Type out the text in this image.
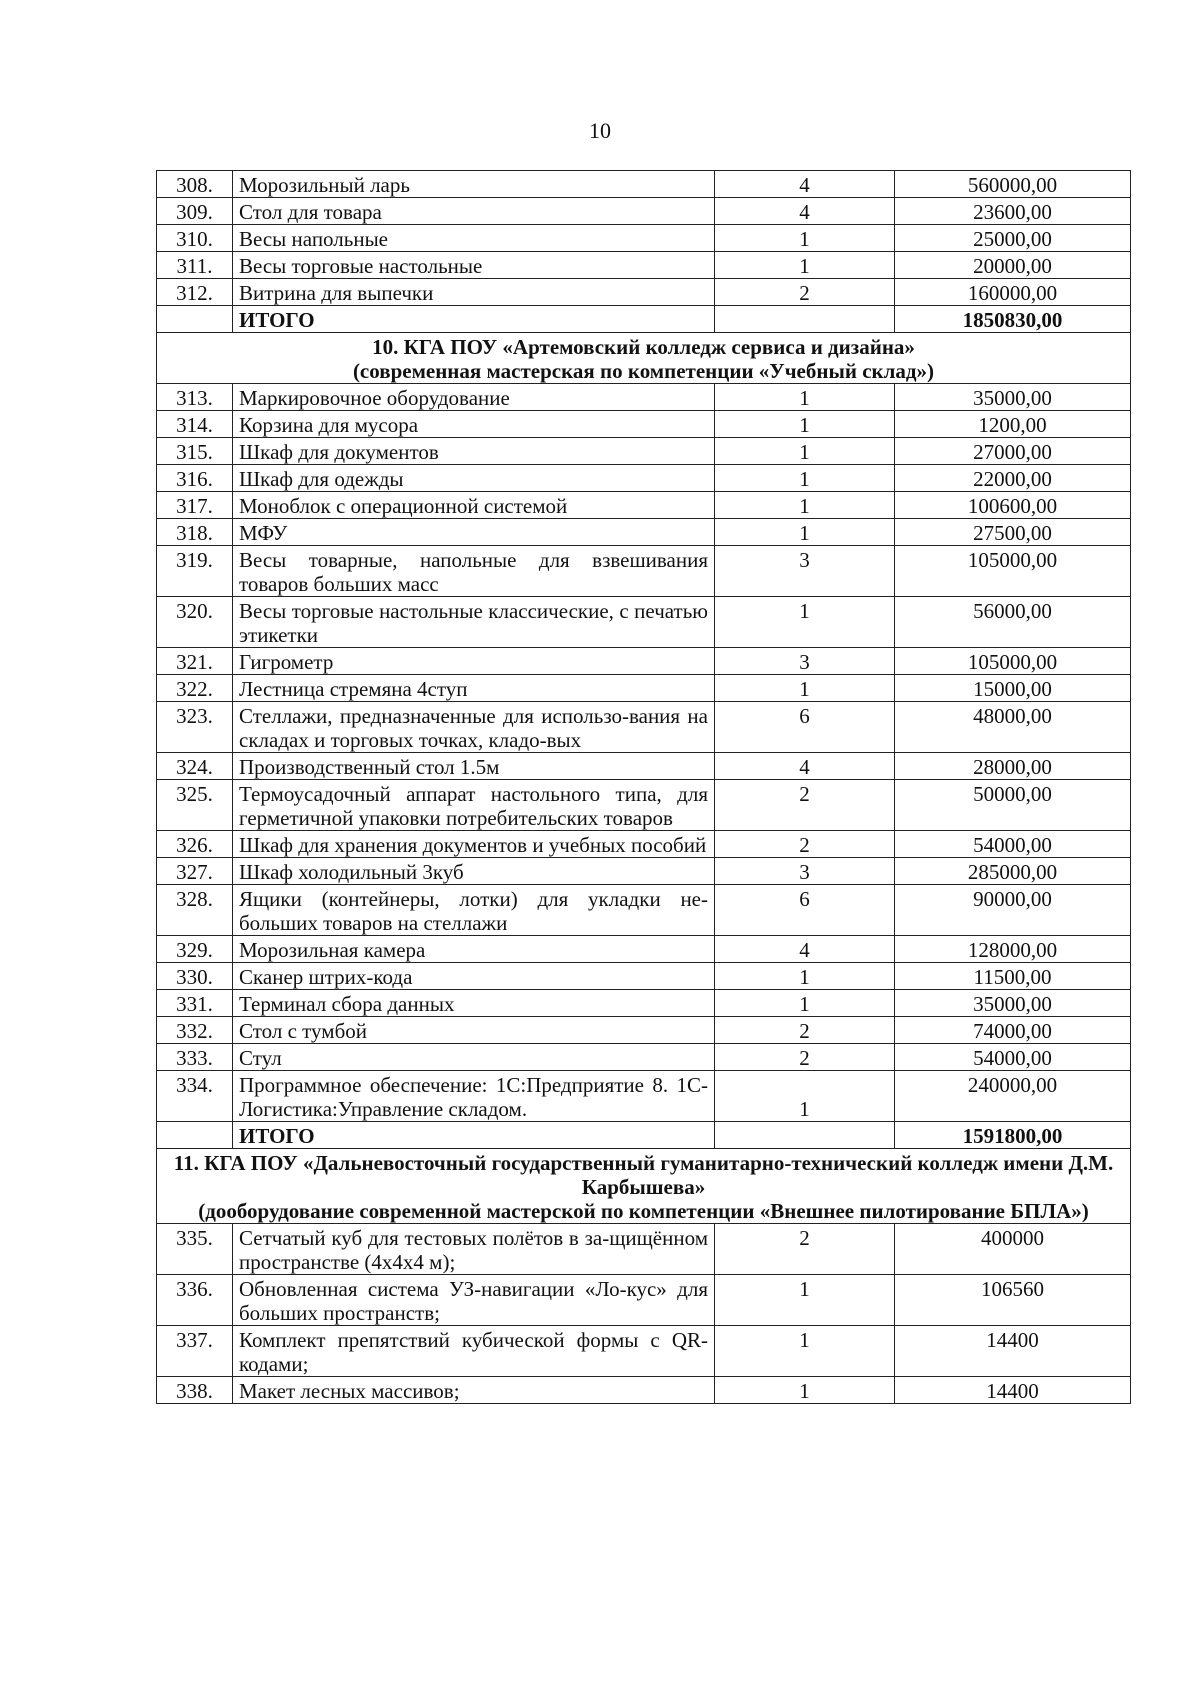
10
308.	Морозильный ларь	4	560000,00
309.	Стол для товара	4	23600,00
310.	Весы напольные	1	25000,00
311.	Весы торговые настольные	1	20000,00
312.	Витрина для выпечки	2	160000,00
	ИТОГО		1850830,00

10. КГА ПОУ «Артемовский колледж сервиса и дизайна»
(современная мастерская по компетенции «Учебный склад»)			

313.	Маркировочное оборудование	1	35000,00
314.	Корзина для мусора	1	1200,00
315.	Шкаф для документов	1	27000,00
316.	Шкаф для одежды	1	22000,00
317.	Моноблок с операционной системой	1	100600,00
318.	МФУ	1	27500,00
319.	Весы товарные, напольные для взвешивания товаров больших масс	3	105000,00
320.	Весы торговые настольные классические, с печатью этикетки	1	56000,00
321.	Гигрометр	3	105000,00
322.	Лестница стремяна 4ступ	1	15000,00
323.	Стеллажи, предназначенные для использо-вания на складах и торговых точках, кладо-вых	6	48000,00
324.	Производственный стол 1.5м	4	28000,00
325.	Термоусадочный аппарат настольного типа, для герметичной упаковки потребительских товаров	2	50000,00
326.	Шкаф для хранения документов и учебных пособий	2	54000,00
327.	Шкаф холодильный 3куб	3	285000,00
328.	Ящики (контейнеры, лотки) для укладки не-больших товаров на стеллажи	6	90000,00
329.	Морозильная камера	4	128000,00
330.	Сканер штрих-кода	1	11500,00
331.	Терминал сбора данных	1	35000,00
332.	Стол с тумбой	2	74000,00
333.	Стул	2	54000,00
334.	Программное обеспечение: 1С:Предприятие 8. 1С-Логистика:Управление складом.	1	240000,00
	ИТОГО		1591800,00

11. КГА ПОУ «Дальневосточный государственный гуманитарно-технический колледж имени Д.М. Карбышева»
(дооборудование современной мастерской по компетенции «Внешнее пилотирование БПЛА»)			

335.	Сетчатый куб для тестовых полётов в за-щищённом пространстве (4х4х4 м);	2	400000
336.	Обновленная система УЗ-навигации «Ло-кус» для больших пространств;	1	106560
337.	Комплект препятствий кубической формы с QR-кодами;	1	14400
338.	Макет лесных массивов;	1	14400
